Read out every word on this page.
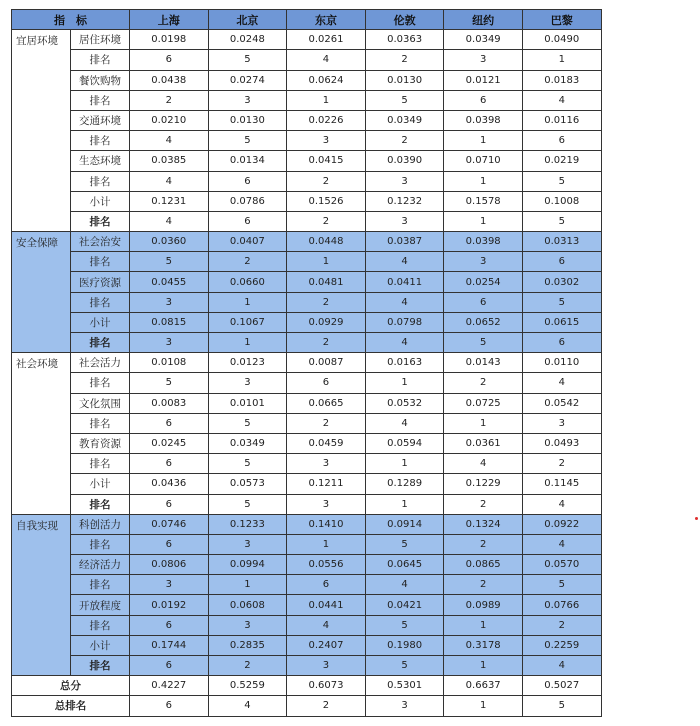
指　标		上海	北京	东京	伦敦	纽约	巴黎
宜居环境	居住环境	0.0198	0.0248	0.0261	0.0363	0.0349	0.0490
	排名	6	5	4	2	3	1
	餐饮购物	0.0438	0.0274	0.0624	0.0130	0.0121	0.0183
	排名	2	3	1	5	6	4
	交通环境	0.0210	0.0130	0.0226	0.0349	0.0398	0.0116
	排名	4	5	3	2	1	6
	生态环境	0.0385	0.0134	0.0415	0.0390	0.0710	0.0219
	排名	4	6	2	3	1	5
	小计	0.1231	0.0786	0.1526	0.1232	0.1578	0.1008
	排名	4	6	2	3	1	5
安全保障	社会治安	0.0360	0.0407	0.0448	0.0387	0.0398	0.0313
	排名	5	2	1	4	3	6
	医疗资源	0.0455	0.0660	0.0481	0.0411	0.0254	0.0302
	排名	3	1	2	4	6	5
	小计	0.0815	0.1067	0.0929	0.0798	0.0652	0.0615
	排名	3	1	2	4	5	6
社会环境	社会活力	0.0108	0.0123	0.0087	0.0163	0.0143	0.0110
	排名	5	3	6	1	2	4
	文化氛围	0.0083	0.0101	0.0665	0.0532	0.0725	0.0542
	排名	6	5	2	4	1	3
	教育资源	0.0245	0.0349	0.0459	0.0594	0.0361	0.0493
	排名	6	5	3	1	4	2
	小计	0.0436	0.0573	0.1211	0.1289	0.1229	0.1145
	排名	6	5	3	1	2	4
自我实现	科创活力	0.0746	0.1233	0.1410	0.0914	0.1324	0.0922
	排名	6	3	1	5	2	4
	经济活力	0.0806	0.0994	0.0556	0.0645	0.0865	0.0570
	排名	3	1	6	4	2	5
	开放程度	0.0192	0.0608	0.0441	0.0421	0.0989	0.0766
	排名	6	3	4	5	1	2
	小计	0.1744	0.2835	0.2407	0.1980	0.3178	0.2259
	排名	6	2	3	5	1	4
总分		0.4227	0.5259	0.6073	0.5301	0.6637	0.5027
总排名		6	4	2	3	1	5
